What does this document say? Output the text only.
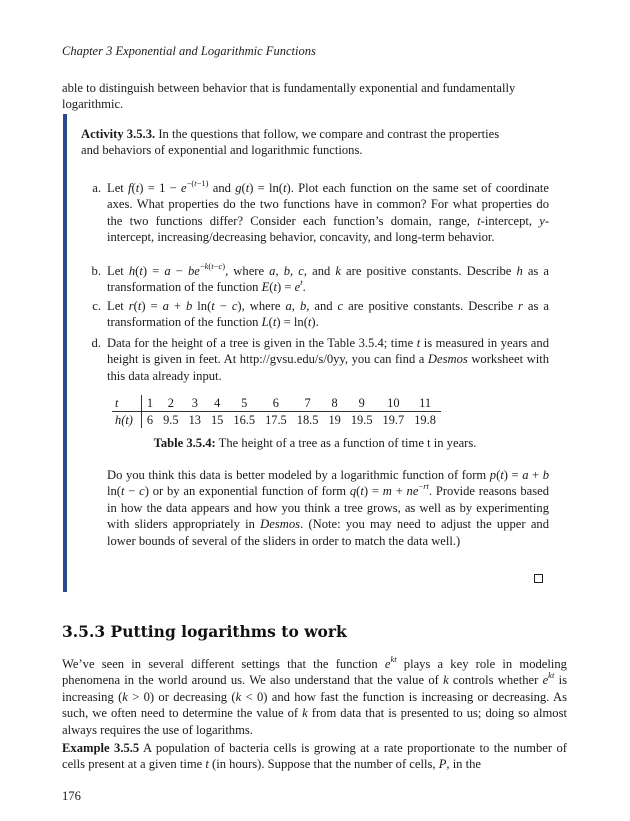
Chapter 3 Exponential and Logarithmic Functions
able to distinguish between behavior that is fundamentally exponential and fundamentally
logarithmic.
Activity 3.5.3. In the questions that follow, we compare and contrast the properties
and behaviors of exponential and logarithmic functions.
a. Let $f(t) = 1 - e^{-(t-1)}$ and g(t) = ln(t). Plot each function on the same set of coordinate axes. What properties do the two functions have in common? For what properties do the two functions differ? Consider each function’s domain, range, t-intercept, y-intercept, increasing/decreasing behavior, concavity, and long-term behavior.
b. Let $h(t) = a - be^{-k(t-c)}$, where a, b, c, and k are positive constants. Describe h as a transformation of the function $E(t) = e^t$.
c. Let r(t) = a + b ln(t − c), where a, b, and c are positive constants. Describe r as a transformation of the function L(t) = ln(t).
d. Data for the height of a tree is given in the Table 3.5.4; time t is measured in years and height is given in feet. At http://gvsu.edu/s/0yy, you can find a Desmos worksheet with this data already input.
Do you think this data is better modeled by a logarithmic function of form p(t) = a + b ln(t − c) or by an exponential function of form $q(t) = m + ne^{-rt}$. Provide reasons based in how the data appears and how you think a tree grows, as well as by experimenting with sliders appropriately in Desmos. (Note: you may need to adjust the upper and lower bounds of several of the sliders in order to match the data well.)
t	1	2	3	4	5	6	7	8	9	10	11
h(t)	6	9.5	13	15	16.5	17.5	18.5	19	19.5	19.7	19.8
Table 3.5.4: The height of a tree as a function of time t in years.
3.5.3 Putting logarithms to work
We’ve seen in several different settings that the function $e^{kt}$ plays a key role in modeling phenomena in the world around us. We also understand that the value of k controls whether $e^{kt}$ is increasing (k > 0) or decreasing (k < 0) and how fast the function is increasing or decreasing. As such, we often need to determine the value of k from data that is presented to us; doing so almost always requires the use of logarithms.
Example 3.5.5 A population of bacteria cells is growing at a rate proportionate to the number of cells present at a given time t (in hours). Suppose that the number of cells, P, in the
176
